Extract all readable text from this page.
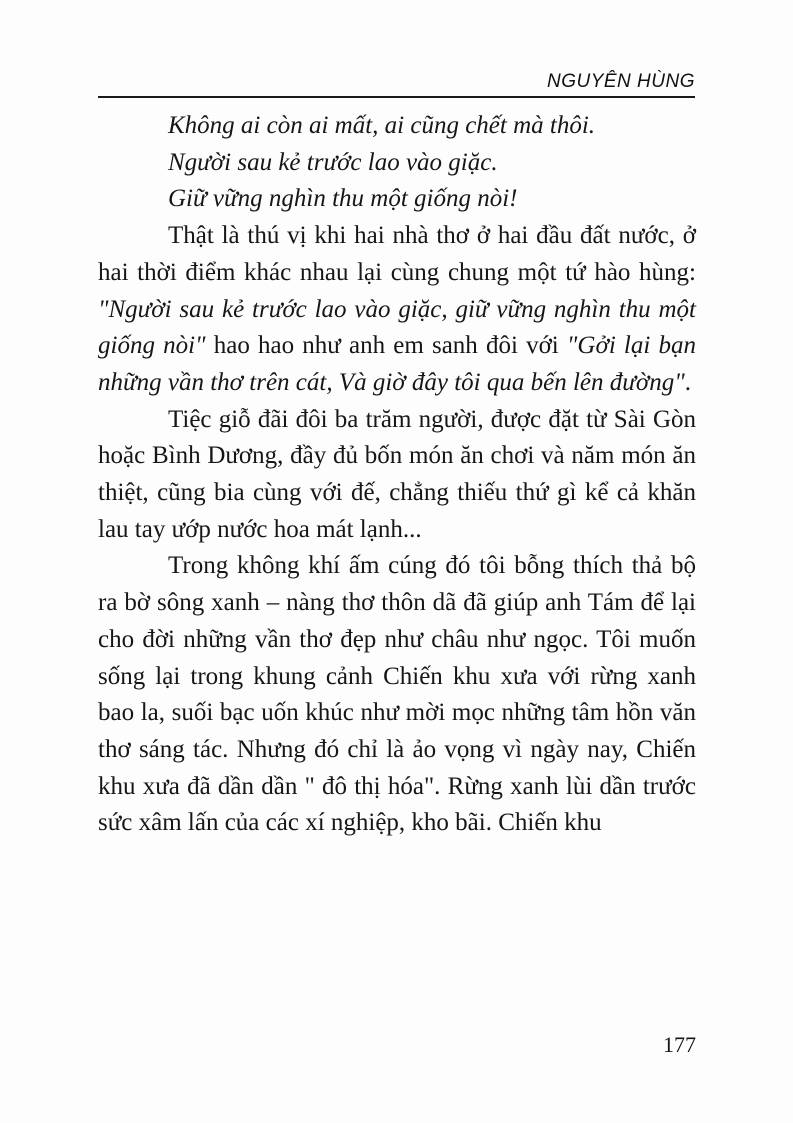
NGUYÊN HÙNG

Không ai còn ai mất, ai cũng chết mà thôi.

Người sau kẻ trước lao vào giặc.

Giữ vững nghìn thu một giống nòi!

Thật là thú vị khi hai nhà thơ ở hai đầu đất nước, ở hai thời điểm khác nhau lại cùng chung một tứ hào hùng: "Người sau kẻ trước lao vào giặc, giữ vững nghìn thu một giống nòi" hao hao như anh em sanh đôi với "Gởi lại bạn những vần thơ trên cát, Và giờ đây tôi qua bến lên đường".

Tiệc giỗ đãi đôi ba trăm người, được đặt từ Sài Gòn hoặc Bình Dương, đầy đủ bốn món ăn chơi và năm món ăn thiệt, cũng bia cùng với đế, chẳng thiếu thứ gì kể cả khăn lau tay ướp nước hoa mát lạnh...

Trong không khí ấm cúng đó tôi bỗng thích thả bộ ra bờ sông xanh – nàng thơ thôn dã đã giúp anh Tám để lại cho đời những vần thơ đẹp như châu như ngọc. Tôi muốn sống lại trong khung cảnh Chiến khu xưa với rừng xanh bao la, suối bạc uốn khúc như mời mọc những tâm hồn văn thơ sáng tác. Nhưng đó chỉ là ảo vọng vì ngày nay, Chiến khu xưa đã dần dần " đô thị hóa". Rừng xanh lùi dần trước sức xâm lấn của các xí nghiệp, kho bãi. Chiến khu

177
